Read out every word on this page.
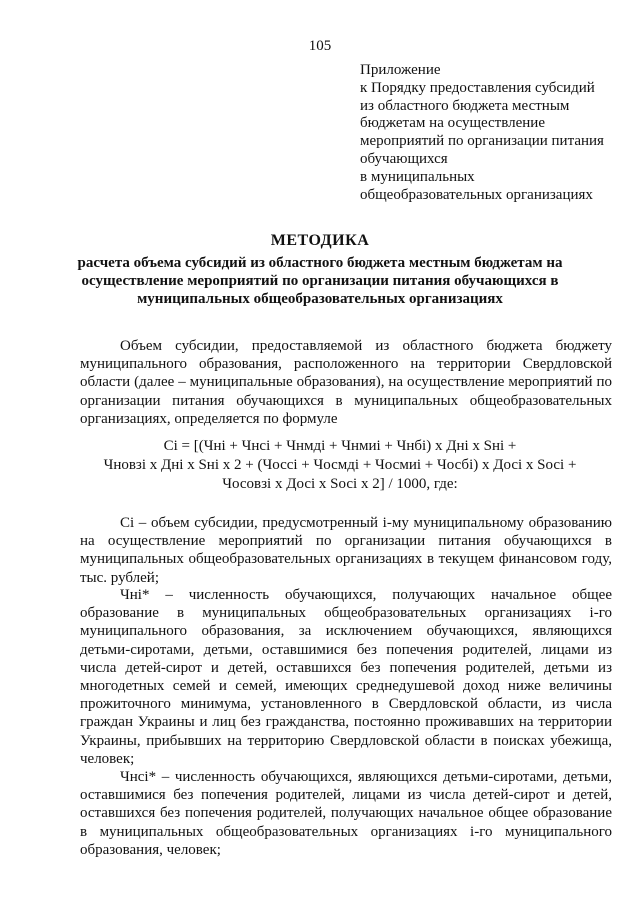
105
Приложение
к Порядку предоставления субсидий
из областного бюджета местным
бюджетам на осуществление
мероприятий по организации питания
обучающихся
в муниципальных
общеобразовательных организациях
МЕТОДИКА
расчета объема субсидий из областного бюджета местным бюджетам на осуществление мероприятий по организации питания обучающихся в муниципальных общеобразовательных организациях
Объем субсидии, предоставляемой из областного бюджета бюджету
муниципального образования, расположенного на территории Свердловской
области (далее – муниципальные образования), на осуществление мероприятий по
организации питания обучающихся в муниципальных общеобразовательных
организациях, определяется по формуле
Сi = [(Чнi + Чнсi + Чнмдi + Чнмиi + Чнбi) x Днi x Sнi +
Чновзi x Днi x Sнi x 2 + (Чоссi + Чосмдi + Чосмиi + Чосбi) x Досi x Sосi +
Чосовзi x Досi x Sосi x 2] / 1000, где:
Сi – объем субсидии, предусмотренный i-му муниципальному образованию
на осуществление мероприятий по организации питания обучающихся в
муниципальных общеобразовательных организациях в текущем финансовом году,
тыс. рублей;
Чнi* – численность обучающихся, получающих начальное общее
образование в муниципальных общеобразовательных организациях i-го
муниципального образования, за исключением обучающихся, являющихся
детьми-сиротами, детьми, оставшимися без попечения родителей, лицами из
числа детей-сирот и детей, оставшихся без попечения родителей, детьми из
многодетных семей и семей, имеющих среднедушевой доход ниже величины
прожиточного минимума, установленного в Свердловской области, из числа
граждан Украины и лиц без гражданства, постоянно проживавших на территории
Украины, прибывших на территорию Свердловской области в поисках убежища,
человек;
Чнсi* – численность обучающихся, являющихся детьми-сиротами, детьми,
оставшимися без попечения родителей, лицами из числа детей-сирот и детей,
оставшихся без попечения родителей, получающих начальное общее образование
в муниципальных общеобразовательных организациях i-го муниципального
образования, человек;
